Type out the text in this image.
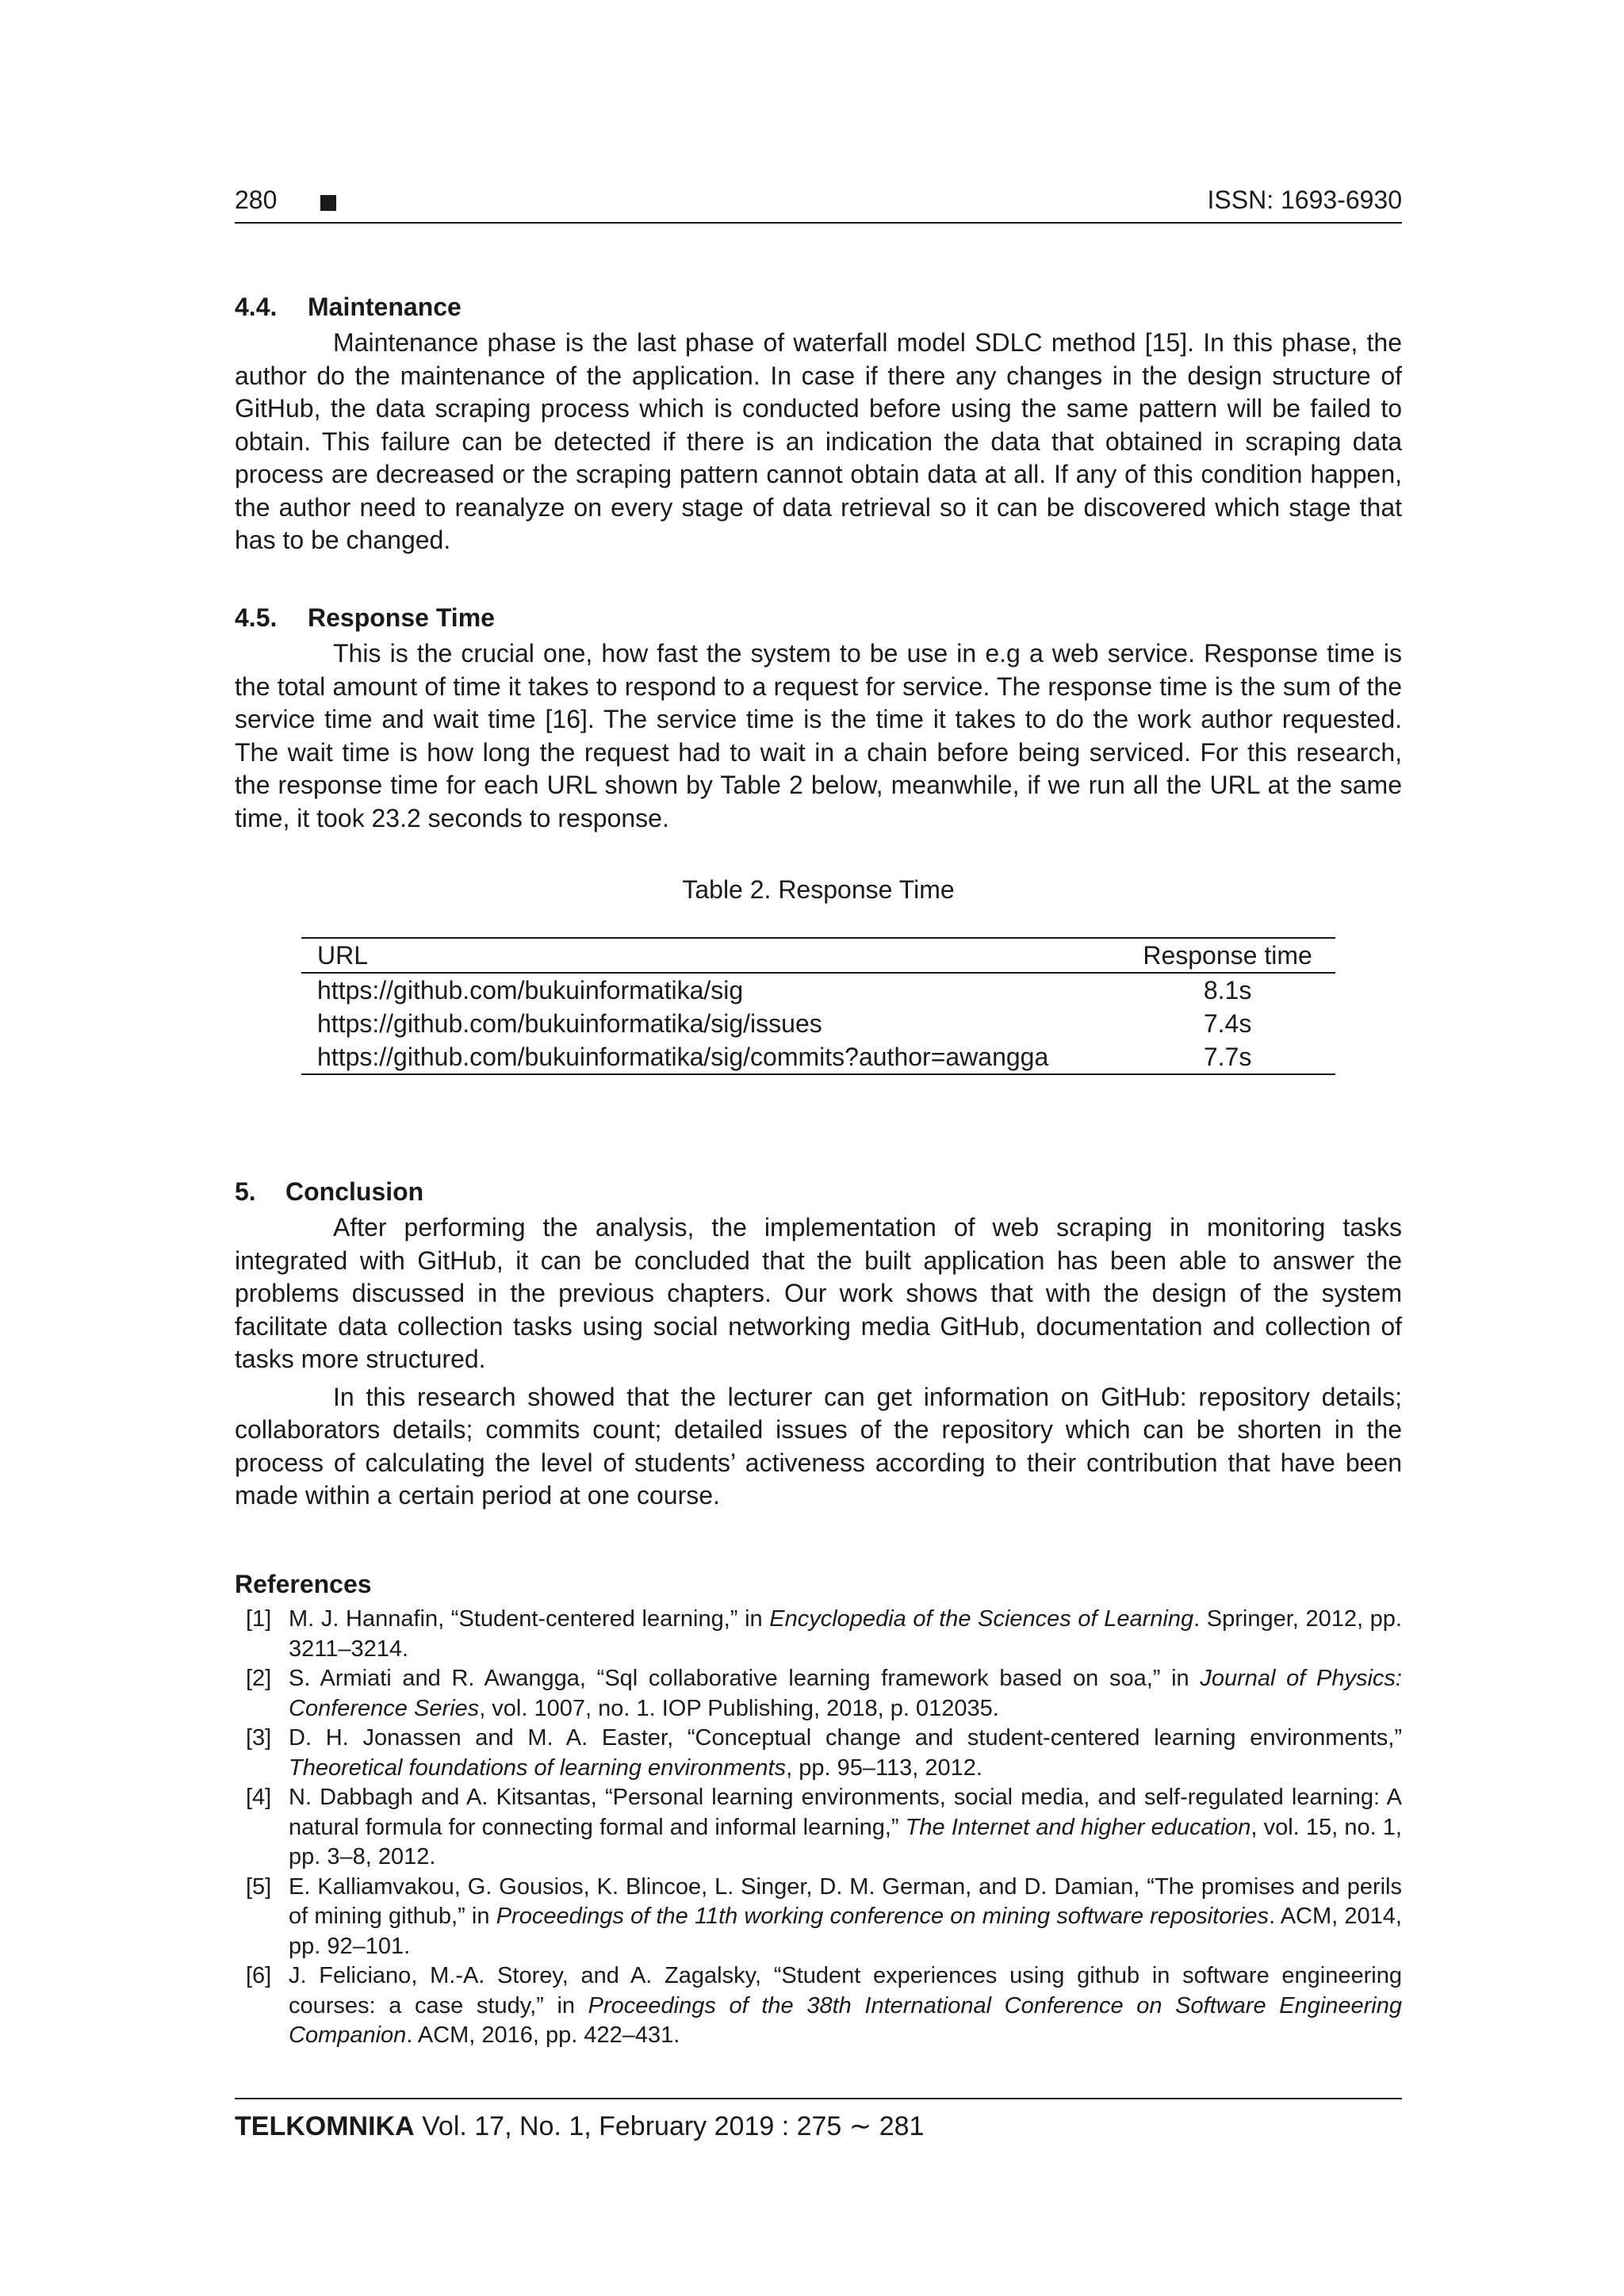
280	ISSN: 1693-6930
4.4. Maintenance

Maintenance phase is the last phase of waterfall model SDLC method [15]. In this phase, the author do the maintenance of the application. In case if there any changes in the design structure of GitHub, the data scraping process which is conducted before using the same pattern will be failed to obtain. This failure can be detected if there is an indication the data that obtained in scraping data process are decreased or the scraping pattern cannot obtain data at all. If any of this condition happen, the author need to reanalyze on every stage of data retrieval so it can be discovered which stage that has to be changed.

4.5. Response Time

This is the crucial one, how fast the system to be use in e.g a web service. Response time is the total amount of time it takes to respond to a request for service. The response time is the sum of the service time and wait time [16]. The service time is the time it takes to do the work author requested. The wait time is how long the request had to wait in a chain before being serviced. For this research, the response time for each URL shown by Table 2 below, meanwhile, if we run all the URL at the same time, it took 23.2 seconds to response.

Table 2. Response Time
URL	Response time
https://github.com/bukuinformatika/sig	8.1s
https://github.com/bukuinformatika/sig/issues	7.4s
https://github.com/bukuinformatika/sig/commits?author=awangga	7.7s
5. Conclusion

After performing the analysis, the implementation of web scraping in monitoring tasks integrated with GitHub, it can be concluded that the built application has been able to answer the problems discussed in the previous chapters. Our work shows that with the design of the system facilitate data collection tasks using social networking media GitHub, documentation and collection of tasks more structured.

In this research showed that the lecturer can get information on GitHub: repository details; collaborators details; commits count; detailed issues of the repository which can be shorten in the process of calculating the level of students’ activeness according to their contribution that have been made within a certain period at one course.

References
[1] M. J. Hannafin, “Student-centered learning,” in Encyclopedia of the Sciences of Learning. Springer, 2012, pp. 3211–3214.
[2] S. Armiati and R. Awangga, “Sql collaborative learning framework based on soa,” in Journal of Physics: Conference Series, vol. 1007, no. 1. IOP Publishing, 2018, p. 012035.
[3] D. H. Jonassen and M. A. Easter, “Conceptual change and student-centered learning environments,” Theoretical foundations of learning environments, pp. 95–113, 2012.
[4] N. Dabbagh and A. Kitsantas, “Personal learning environments, social media, and self-regulated learning: A natural formula for connecting formal and informal learning,” The Internet and higher education, vol. 15, no. 1, pp. 3–8, 2012.
[5] E. Kalliamvakou, G. Gousios, K. Blincoe, L. Singer, D. M. German, and D. Damian, “The promises and perils of mining github,” in Proceedings of the 11th working conference on mining software repositories. ACM, 2014, pp. 92–101.
[6] J. Feliciano, M.-A. Storey, and A. Zagalsky, “Student experiences using github in software engineering courses: a case study,” in Proceedings of the 38th International Conference on Software Engineering Companion. ACM, 2016, pp. 422–431.
TELKOMNIKA Vol. 17, No. 1, February 2019 : 275 ∼ 281
